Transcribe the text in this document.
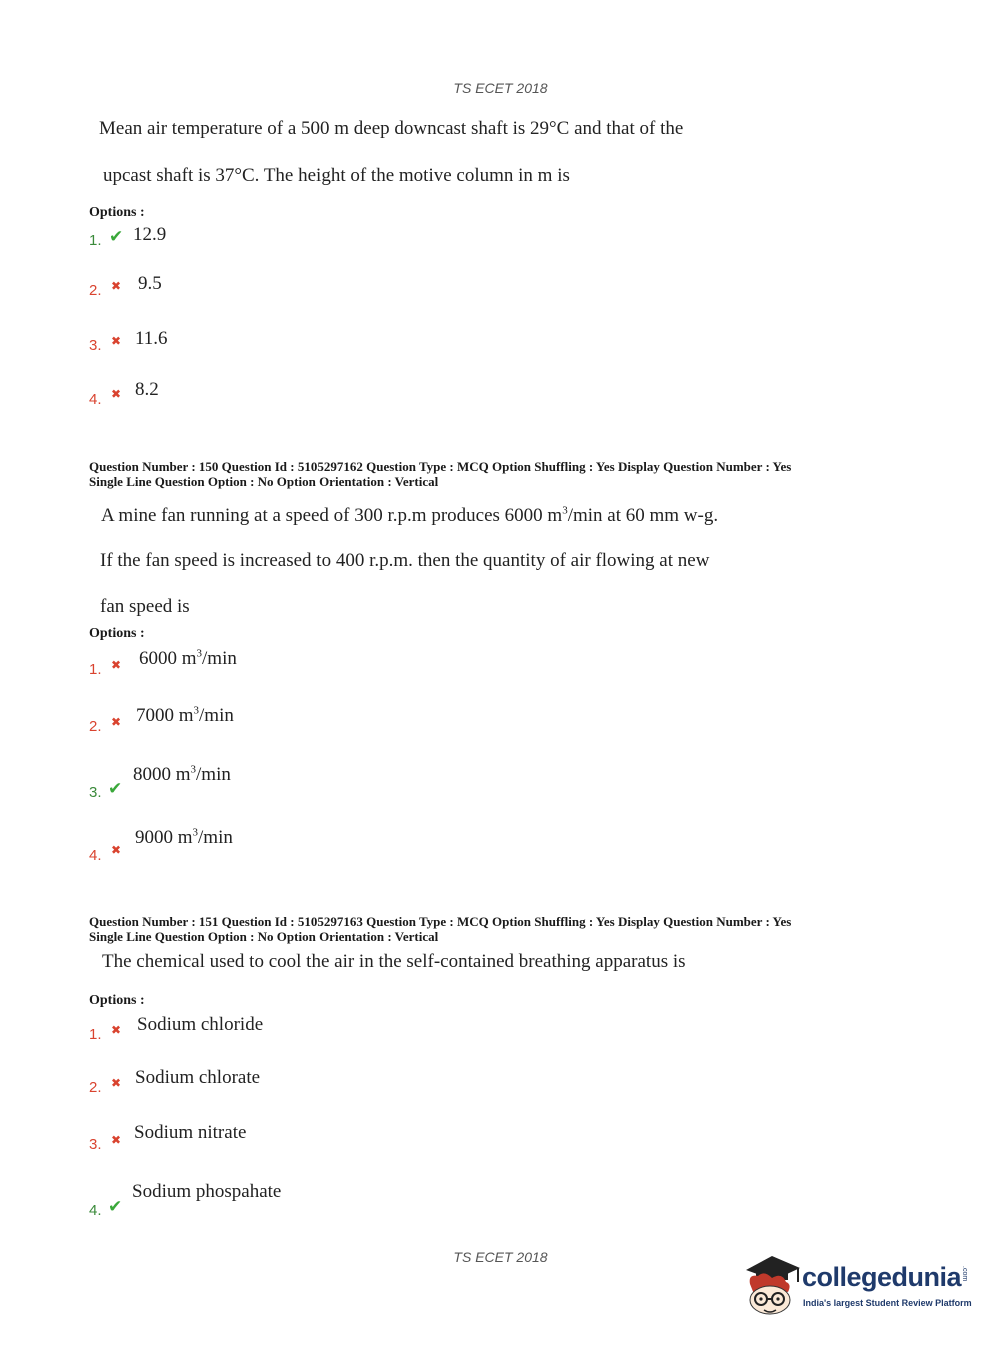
TS ECET 2018
Mean air temperature of a 500 m deep downcast shaft is 29°C and that of the
upcast shaft is 37°C. The height of the motive column in m is
Options :
1. ✔ 12.9
2. ✖ 9.5
3. ✖ 11.6
4. ✖ 8.2
Question Number : 150 Question Id : 5105297162 Question Type : MCQ Option Shuffling : Yes Display Question Number : Yes
Single Line Question Option : No Option Orientation : Vertical
A mine fan running at a speed of 300 r.p.m produces 6000 $m^3/\min$ at 60 mm w-g.
If the fan speed is increased to 400 r.p.m. then the quantity of air flowing at new
fan speed is
Options :
1. ✖ 6000 $m^3/\min$
2. ✖ 7000 $m^3/\min$
3. ✔
8000 $m^3/\min$
4. ✖
9000 $m^3/\min$
Question Number : 151 Question Id : 5105297163 Question Type : MCQ Option Shuffling : Yes Display Question Number : Yes
Single Line Question Option : No Option Orientation : Vertical
The chemical used to cool the air in the self-contained breathing apparatus is
Options :
1. ✖ Sodium chloride
2. ✖ Sodium chlorate
3. ✖ Sodium nitrate
4. ✔
Sodium phospahate
TS ECET 2018
collegedunia .com
India's largest Student Review Platform
